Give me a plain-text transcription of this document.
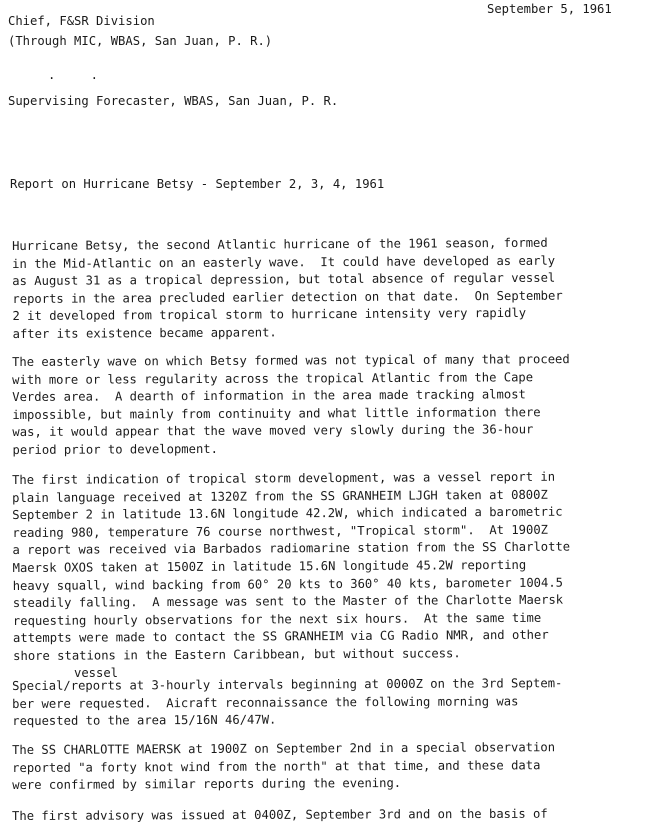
September 5, 1961
Chief, F&SR Division
(Through MIC, WBAS, San Juan, P. R.)
. .
Supervising Forecaster, WBAS, San Juan, P. R.
Report on Hurricane Betsy - September 2, 3, 4, 1961
Hurricane Betsy, the second Atlantic hurricane of the 1961 season, formed
in the Mid-Atlantic on an easterly wave.  It could have developed as early
as August 31 as a tropical depression, but total absence of regular vessel
reports in the area precluded earlier detection on that date.  On September
2 it developed from tropical storm to hurricane intensity very rapidly
after its existence became apparent.
The easterly wave on which Betsy formed was not typical of many that proceed
with more or less regularity across the tropical Atlantic from the Cape
Verdes area.  A dearth of information in the area made tracking almost
impossible, but mainly from continuity and what little information there
was, it would appear that the wave moved very slowly during the 36-hour
period prior to development.
The first indication of tropical storm development, was a vessel report in
plain language received at 1320Z from the SS GRANHEIM LJGH taken at 0800Z
September 2 in latitude 13.6N longitude 42.2W, which indicated a barometric
reading 980, temperature 76 course northwest, "Tropical storm".  At 1900Z
a report was received via Barbados radiomarine station from the SS Charlotte
Maersk OXOS taken at 1500Z in latitude 15.6N longitude 45.2W reporting
heavy squall, wind backing from 60° 20 kts to 360° 40 kts, barometer 1004.5
steadily falling.  A message was sent to the Master of the Charlotte Maersk
requesting hourly observations for the next six hours.  At the same time
attempts were made to contact the SS GRANHEIM via CG Radio NMR, and other
shore stations in the Eastern Caribbean, but without success.
vessel
Special/reports at 3-hourly intervals beginning at 0000Z on the 3rd Septem-
ber were requested.  Aicraft reconnaissance the following morning was
requested to the area 15/16N 46/47W.
The SS CHARLOTTE MAERSK at 1900Z on September 2nd in a special observation
reported "a forty knot wind from the north" at that time, and these data
were confirmed by similar reports during the evening.
The first advisory was issued at 0400Z, September 3rd and on the basis of
